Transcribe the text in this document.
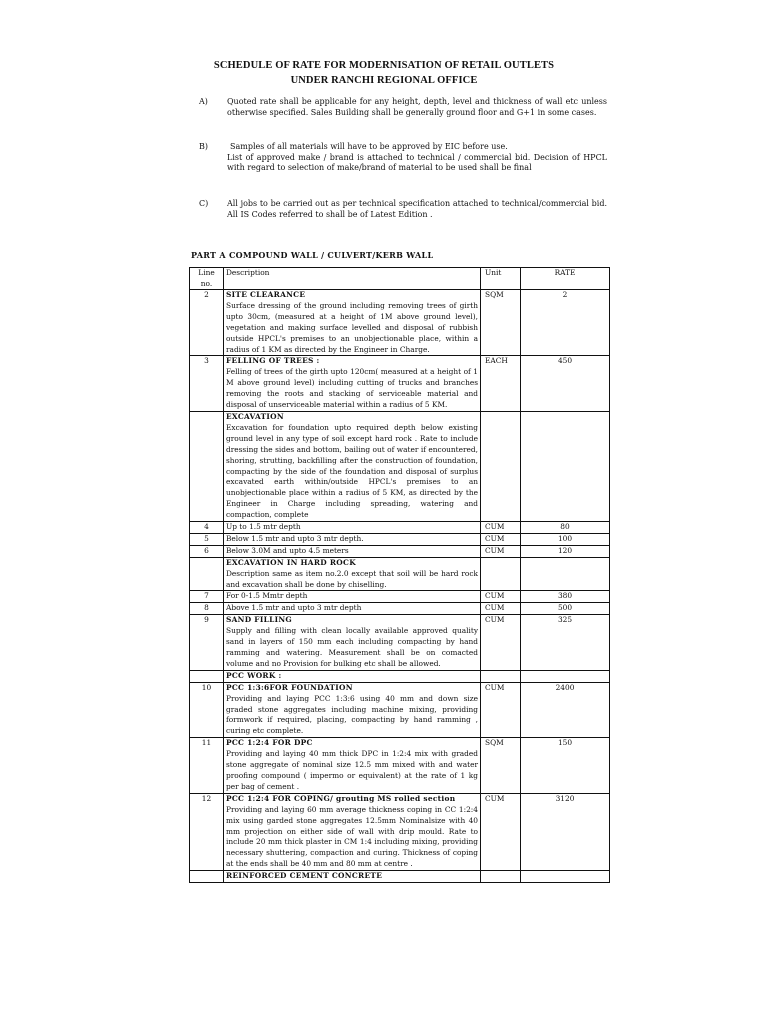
SCHEDULE OF RATE FOR MODERNISATION OF RETAIL OUTLETS
UNDER RANCHI REGIONAL OFFICE
A) Quoted rate shall be applicable for any height, depth, level and thickness of wall etc unless otherwise specified. Sales Building shall be generally ground floor and G+1 in some cases.
B)	Samples of all materials will have to be approved by EIC before use.
List of approved make / brand is attached to technical / commercial bid. Decision of HPCL with regard to selection of make/brand of material to be used shall be final
C) All jobs to be carried out as per technical specification attached to technical/commercial bid. All IS Codes referred to shall be of Latest Edition .
PART A COMPOUND WALL / CULVERT/KERB WALL
Line no.	Description	Unit	RATE
2	SITE CLEARANCE
Surface dressing of the ground including removing trees of girth upto 30cm, (measured at a height of 1M above ground level), vegetation and making surface levelled and disposal of rubbish outside HPCL's premises to an unobjectionable place, within a radius of 1 KM as directed by the Engineer in Charge.	SQM	2
3	FELLING OF TREES :
Felling of trees of the girth upto 120cm( measured at a height of 1 M above ground level) including cutting of trucks and branches removing the roots and stacking of serviceable material and disposal of unserviceable material within a radius of 5 KM.	EACH	450

	EXCAVATION
Excavation for foundation upto required depth below existing ground level in any type of soil except hard rock . Rate to include dressing the sides and bottom, bailing out of water if encountered, shoring, strutting, backfilling after the construction of foundation, compacting by the side of the foundation and disposal of surplus excavated earth within/outside HPCL's premises to an unobjectionable place within a radius of 5 KM, as directed by the Engineer in Charge including spreading, watering and compaction, complete		

4	Up to 1.5 mtr depth	CUM	80
5	Below 1.5 mtr and upto 3 mtr depth.	CUM	100
6	Below 3.0M and upto 4.5 meters	CUM	120

	EXCAVATION IN HARD ROCK
Description same as item no.2.0 except that soil will be hard rock and excavation shall be done by chiselling.		

7	For 0-1.5 Mmtr depth	CUM	380
8	Above 1.5 mtr and upto 3 mtr depth	CUM	500
9	SAND FILLING
Supply and filling with clean locally available approved quality sand in layers of 150 mm each including compacting by hand ramming and watering. Measurement shall be on comacted volume and no Provision for bulking etc shall be allowed.	CUM	325

	PCC WORK :		

10	PCC 1:3:6FOR FOUNDATION
Providing and laying PCC 1:3:6 using 40 mm and down size graded stone aggregates including machine mixing, providing formwork if required, placing, compacting by hand ramming , curing etc complete.	CUM	2400
11	PCC 1:2:4 FOR DPC
Providing and laying 40 mm thick DPC in 1:2:4 mix with graded stone aggregate of nominal size 12.5 mm mixed with and water proofing compound ( impermo or equivalent) at the rate of 1 kg per bag of cement .	SQM	150
12	PCC 1:2:4 FOR COPING/ grouting MS rolled section
Providing and laying 60 mm average thickness coping in CC 1:2:4 mix using garded stone aggregates 12.5mm Nominalsize with 40 mm projection on either side of wall with drip mould. Rate to include 20 mm thick plaster in CM 1:4 including mixing, providing necessary shuttering, compaction and curing. Thickness of coping at the ends shall be 40 mm and 80 mm at centre .	CUM	3120

	REINFORCED CEMENT CONCRETE		
